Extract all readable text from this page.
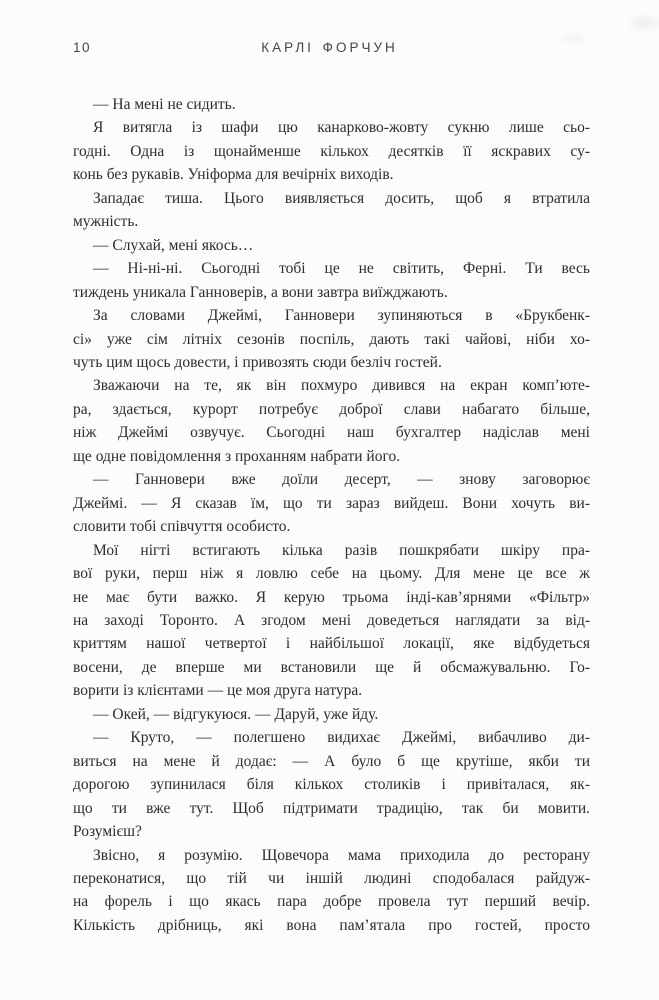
10	КАРЛІ ФОРЧУН
— На мені не сидить.
Я витягла із шафи цю канарково-жовту сукню лише сьо-
годні. Одна із щонайменше кількох десятків її яскравих су-
конь без рукавів. Уніформа для вечірніх виходів.
Западає тиша. Цього виявляється досить, щоб я втратила
мужність.
— Слухай, мені якось…
— Ні-ні-ні. Сьогодні тобі це не світить, Ферні. Ти весь
тиждень уникала Ганноверів, а вони завтра виїжджають.
За словами Джеймі, Ганновери зупиняються в «Брукбенк-
сі» уже сім літніх сезонів поспіль, дають такі чайові, ніби хо-
чуть цим щось довести, і привозять сюди безліч гостей.
Зважаючи на те, як він похмуро дивився на екран комп’юте-
ра, здається, курорт потребує доброї слави набагато більше,
ніж Джеймі озвучує. Сьогодні наш бухгалтер надіслав мені
ще одне повідомлення з проханням набрати його.
— Ганновери вже доїли десерт, — знову заговорює
Джеймі. — Я сказав їм, що ти зараз вийдеш. Вони хочуть ви-
словити тобі співчуття особисто.
Мої нігті встигають кілька разів пошкрябати шкіру пра-
вої руки, перш ніж я ловлю себе на цьому. Для мене це все ж
не має бути важко. Я керую трьома інді-кав’ярнями «Фільтр»
на заході Торонто. А згодом мені доведеться наглядати за від-
криттям нашої четвертої і найбільшої локації, яке відбудеться
восени, де вперше ми встановили ще й обсмажувальню. Го-
ворити із клієнтами — це моя друга натура.
— Окей, — відгукуюся. — Даруй, уже йду.
— Круто, — полегшено видихає Джеймі, вибачливо ди-
виться на мене й додає: — А було б ще крутіше, якби ти
дорогою зупинилася біля кількох столиків і привіталася, як-
що ти вже тут. Щоб підтримати традицію, так би мовити.
Розумієш?
Звісно, я розумію. Щовечора мама приходила до ресторану
переконатися, що тій чи іншій людині сподобалася райдуж-
на форель і що якась пара добре провела тут перший вечір.
Кількість дрібниць, які вона пам’ятала про гостей, просто
